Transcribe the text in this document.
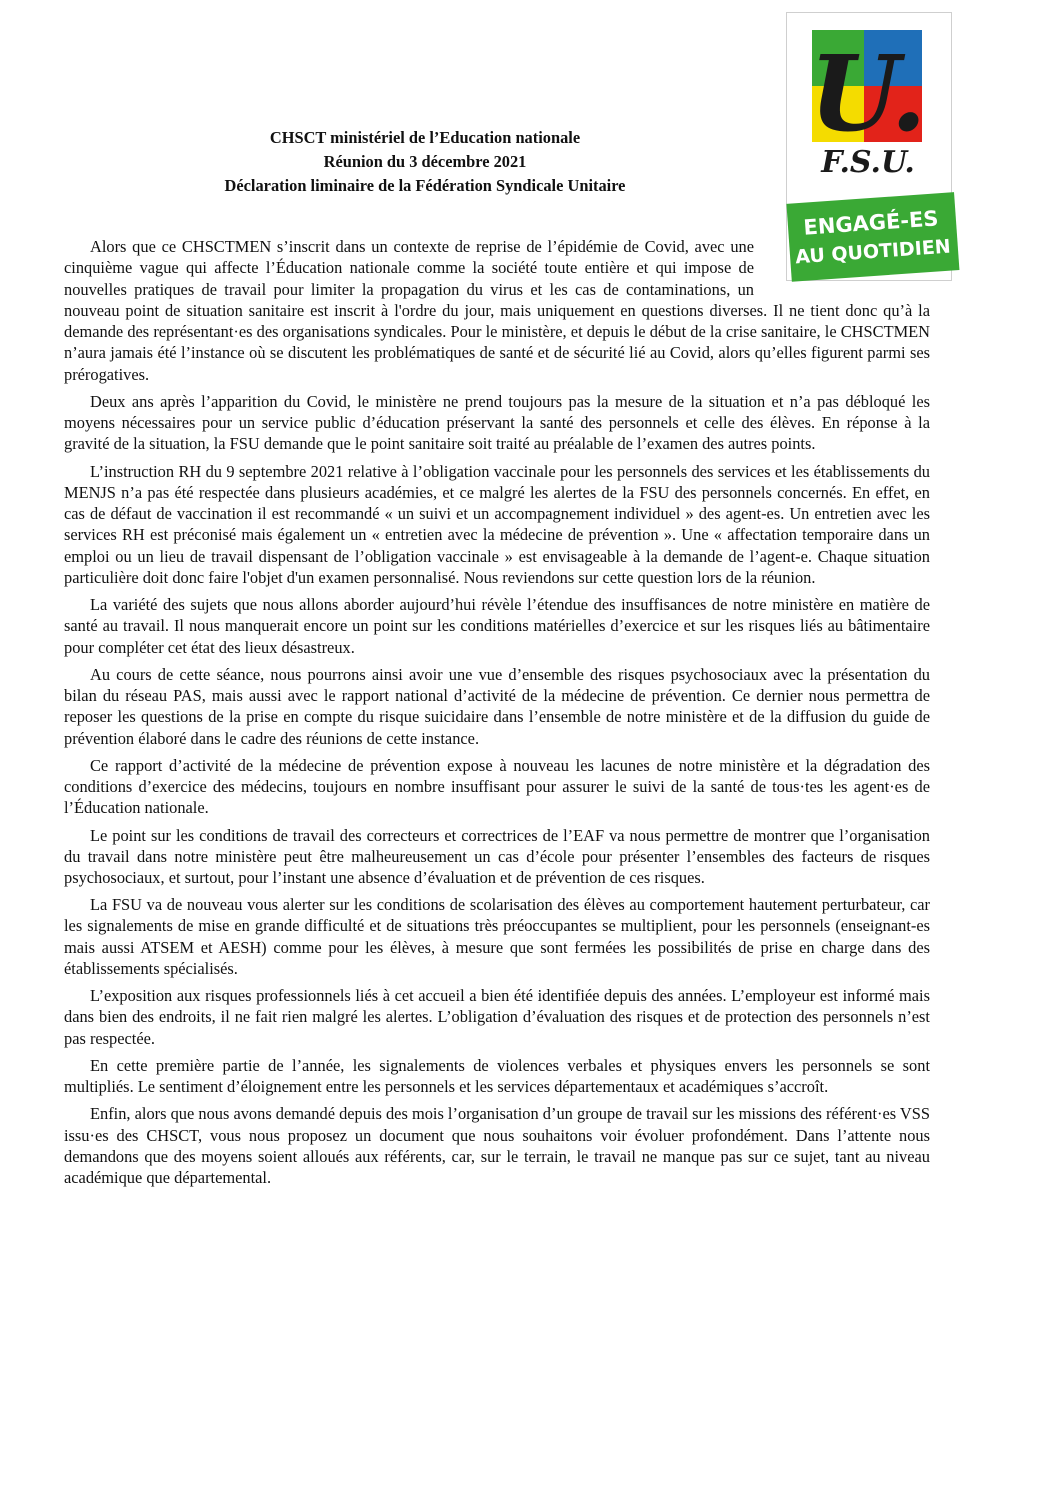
U.
F.S.U.
ENGAGÉ-ES
AU QUOTIDIEN
CHSCT ministériel de l’Education nationale
Réunion du 3 décembre 2021
Déclaration liminaire de la Fédération Syndicale Unitaire

Alors que ce CHSCTMEN s’inscrit dans un contexte de reprise de l’épidémie de Covid, avec une cinquième vague qui affecte l’Éducation nationale comme la société toute entière et qui impose de nouvelles pratiques de travail pour limiter la propagation du virus et les cas de contaminations, un nouveau point de situation sanitaire est inscrit à l'ordre du jour, mais uniquement en questions diverses. Il ne tient donc qu’à la demande des représentant·es des organisations syndicales. Pour le ministère, et depuis le début de la crise sanitaire, le CHSCTMEN n’aura jamais été l’instance où se discutent les problématiques de santé et de sécurité lié au Covid, alors qu’elles figurent parmi ses prérogatives.

Deux ans après l’apparition du Covid, le ministère ne prend toujours pas la mesure de la situation et n’a pas débloqué les moyens nécessaires pour un service public d’éducation préservant la santé des personnels et celle des élèves. En réponse à la gravité de la situation, la FSU demande que le point sanitaire soit traité au préalable de l’examen des autres points.

L’instruction RH du 9 septembre 2021 relative à l’obligation vaccinale pour les personnels des services et les établissements du MENJS n’a pas été respectée dans plusieurs académies, et ce malgré les alertes de la FSU des personnels concernés. En effet, en cas de défaut de vaccination il est recommandé « un suivi et un accompagnement individuel » des agent-es. Un entretien avec les services RH est préconisé mais également un « entretien avec la médecine de prévention ». Une « affectation temporaire dans un emploi ou un lieu de travail dispensant de l’obligation vaccinale » est envisageable à la demande de l’agent-e. Chaque situation particulière doit donc faire l'objet d'un examen personnalisé. Nous reviendons sur cette question lors de la réunion.

La variété des sujets que nous allons aborder aujourd’hui révèle l’étendue des insuffisances de notre ministère en matière de santé au travail. Il nous manquerait encore un point sur les conditions matérielles d’exercice et sur les risques liés au bâtimentaire pour compléter cet état des lieux désastreux.

Au cours de cette séance, nous pourrons ainsi avoir une vue d’ensemble des risques psychosociaux avec la présentation du bilan du réseau PAS, mais aussi avec le rapport national d’activité de la médecine de prévention. Ce dernier nous permettra de reposer les questions de la prise en compte du risque suicidaire dans l’ensemble de notre ministère et de la diffusion du guide de prévention élaboré dans le cadre des réunions de cette instance.

Ce rapport d’activité de la médecine de prévention expose à nouveau les lacunes de notre ministère et la dégradation des conditions d’exercice des médecins, toujours en nombre insuffisant pour assurer le suivi de la santé de tous·tes les agent·es de l’Éducation nationale.

Le point sur les conditions de travail des correcteurs et correctrices de l’EAF va nous permettre de montrer que l’organisation du travail dans notre ministère peut être malheureusement un cas d’école pour présenter l’ensembles des facteurs de risques psychosociaux, et surtout, pour l’instant une absence d’évaluation et de prévention de ces risques.

La FSU va de nouveau vous alerter sur les conditions de scolarisation des élèves au comportement hautement perturbateur, car les signalements de mise en grande difficulté et de situations très préoccupantes se multiplient, pour les personnels (enseignant-es mais aussi ATSEM et AESH) comme pour les élèves, à mesure que sont fermées les possibilités de prise en charge dans des établissements spécialisés.

L’exposition aux risques professionnels liés à cet accueil a bien été identifiée depuis des années. L’employeur est informé mais dans bien des endroits, il ne fait rien malgré les alertes. L’obligation d’évaluation des risques et de protection des personnels n’est pas respectée.

En cette première partie de l’année, les signalements de violences verbales et physiques envers les personnels se sont multipliés. Le sentiment d’éloignement entre les personnels et les services départementaux et académiques s’accroît.

Enfin, alors que nous avons demandé depuis des mois l’organisation d’un groupe de travail sur les missions des référent·es VSS issu·es des CHSCT, vous nous proposez un document que nous souhaitons voir évoluer profondément. Dans l’attente nous demandons que des moyens soient alloués aux référents, car, sur le terrain, le travail ne manque pas sur ce sujet, tant au niveau académique que départemental.
